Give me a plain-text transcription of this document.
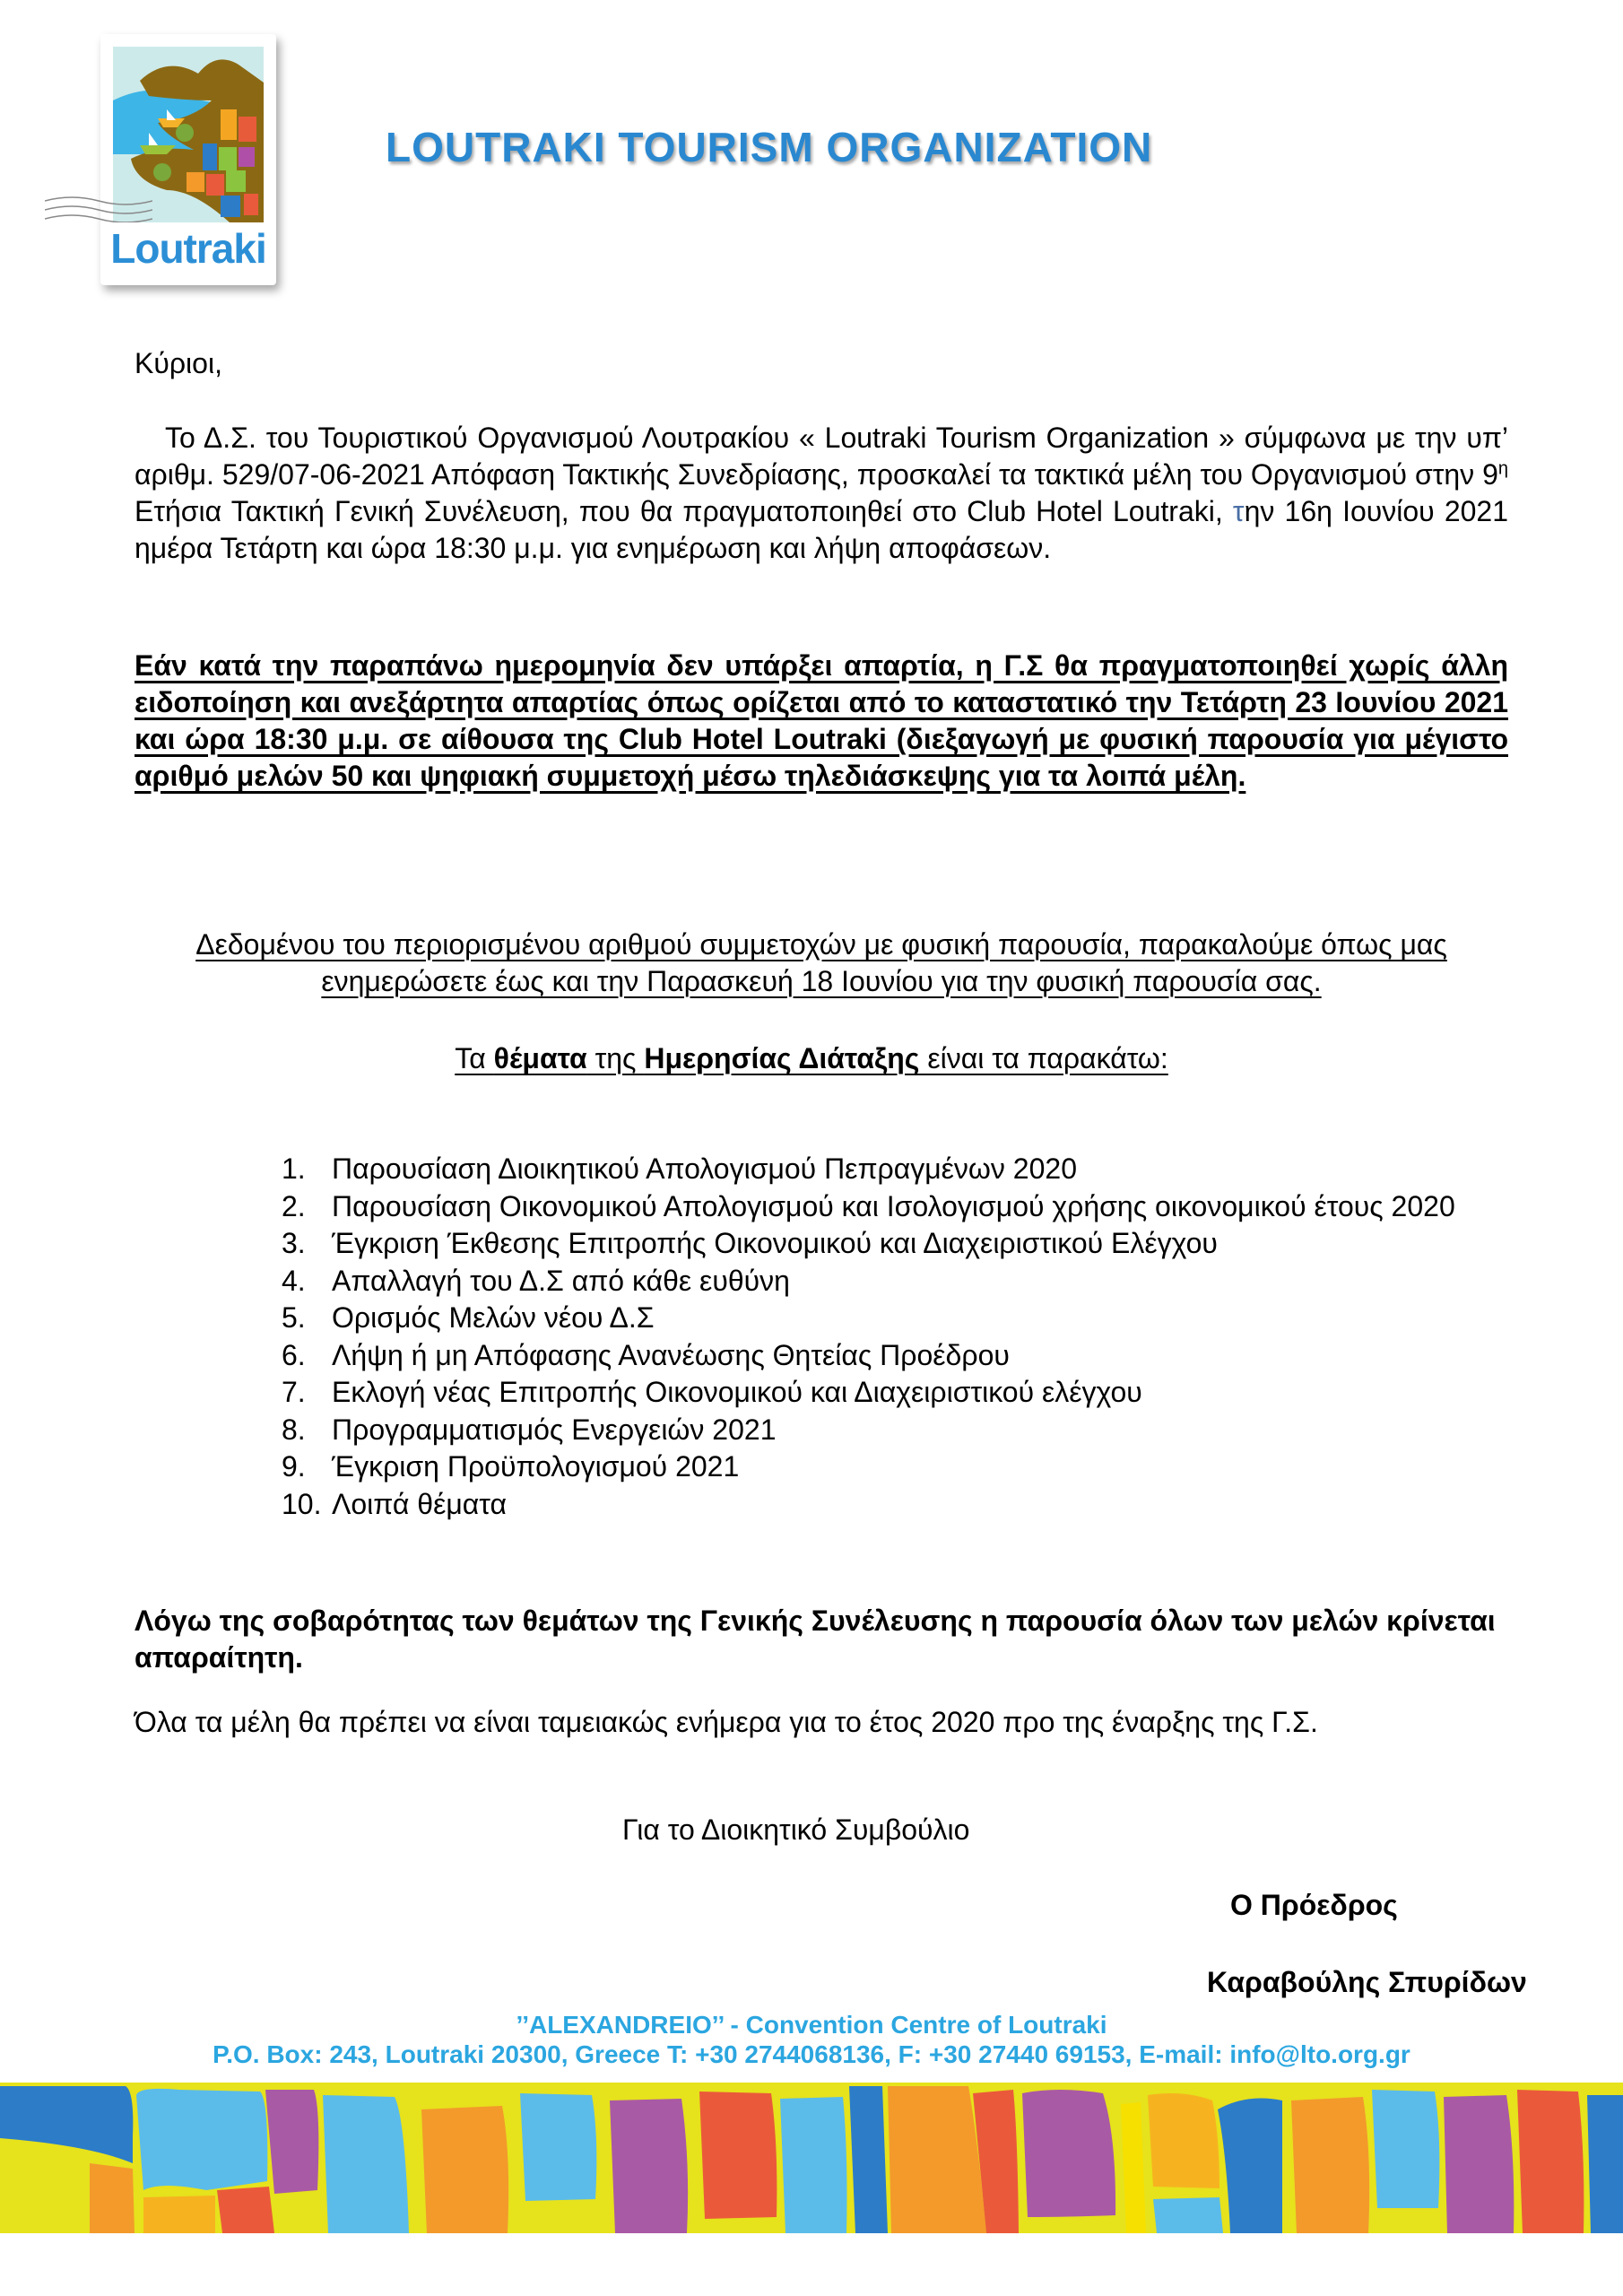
Loutraki
LOUTRAKI TOURISM ORGANIZATION
Κύριοι,
Το Δ.Σ. του Τουριστικού Οργανισμού Λουτρακίου « Loutraki Tourism Organization » σύμφωνα με την υπ’ αριθμ. 529/07-06-2021 Απόφαση Τακτικής Συνεδρίασης, προσκαλεί τα τακτικά μέλη του Οργανισμού στην $9^\eta$ Ετήσια Τακτική Γενική Συνέλευση, που θα πραγματοποιηθεί στο Club Hotel Loutraki, την 16η Ιουνίου 2021 ημέρα Τετάρτη και ώρα 18:30 μ.μ. για ενημέρωση και λήψη αποφάσεων.
Εάν κατά την παραπάνω ημερομηνία δεν υπάρξει απαρτία, η Γ.Σ θα πραγματοποιηθεί χωρίς άλλη ειδοποίηση και ανεξάρτητα απαρτίας όπως ορίζεται από το καταστατικό την Τετάρτη 23 Ιουνίου 2021 και ώρα 18:30 μ.μ. σε αίθουσα της Club Hotel Loutraki (διεξαγωγή με φυσική παρουσία για μέγιστο αριθμό μελών 50 και ψηφιακή συμμετοχή μέσω τηλεδιάσκεψης για τα λοιπά μέλη.
Δεδομένου του περιορισμένου αριθμού συμμετοχών με φυσική παρουσία, παρακαλούμε όπως μας ενημερώσετε έως και την Παρασκευή 18 Ιουνίου για την φυσική παρουσία σας.
Τα θέματα της Ημερησίας Διάταξης είναι τα παρακάτω:
1. Παρουσίαση Διοικητικού Απολογισμού Πεπραγμένων 2020
2. Παρουσίαση Οικονομικού Απολογισμού και Ισολογισμού χρήσης οικονομικού έτους 2020
3. Έγκριση Έκθεσης Επιτροπής Οικονομικού και Διαχειριστικού Ελέγχου
4. Απαλλαγή του Δ.Σ από κάθε ευθύνη
5. Ορισμός Μελών νέου Δ.Σ
6. Λήψη ή μη Απόφασης Ανανέωσης Θητείας Προέδρου
7. Εκλογή νέας Επιτροπής Οικονομικού και Διαχειριστικού ελέγχου
8. Προγραμματισμός Ενεργειών 2021
9. Έγκριση Προϋπολογισμού 2021
10. Λοιπά θέματα
Λόγω της σοβαρότητας των θεμάτων της Γενικής Συνέλευσης η παρουσία όλων των μελών κρίνεται απαραίτητη.
Όλα τα μέλη θα πρέπει να είναι ταμειακώς ενήμερα για το έτος 2020 προ της έναρξης της Γ.Σ.
Για το Διοικητικό Συμβούλιο
Ο Πρόεδρος
Καραβούλης Σπυρίδων
’’ALEXANDREIO’’ - Convention Centre of Loutraki
P.O. Box: 243, Loutraki 20300, Greece T: +30 2744068136, F: +30 27440 69153, E-mail: info@lto.org.gr
